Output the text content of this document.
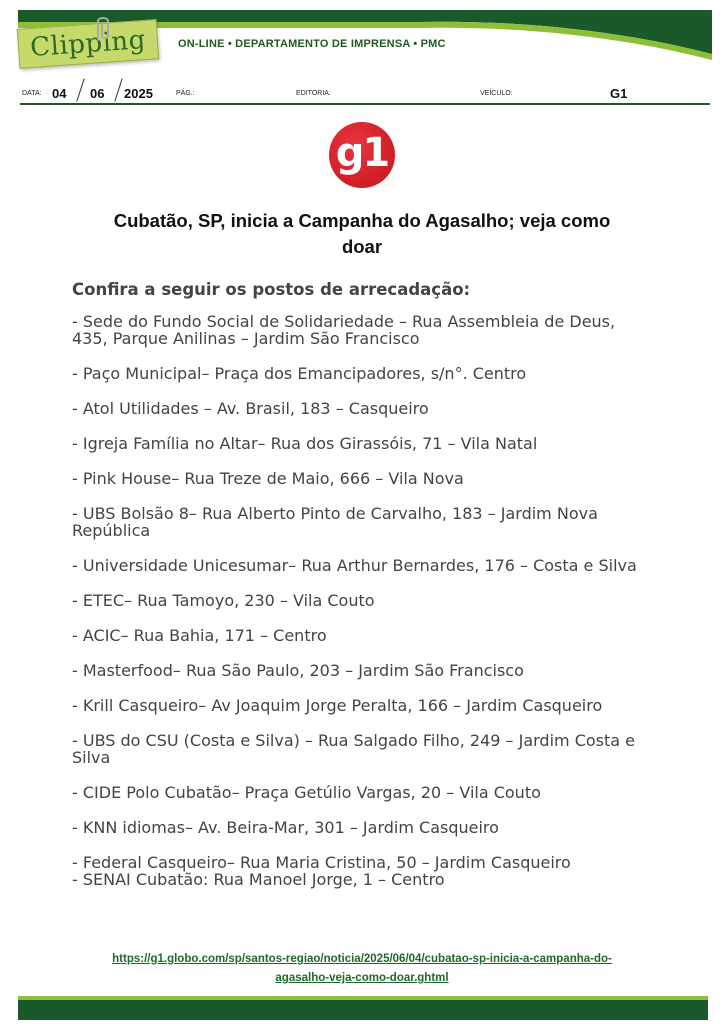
Clipping	ON-LINE • DEPARTAMENTO DE IMPRENSA • PMC
DATA: 04 06 2025	PÁG.:	EDITORIA:	VEÍCULO:	G1
g1
Cubatão, SP, inicia a Campanha do Agasalho; veja como
doar
Confira a seguir os postos de arrecadação:
- Sede do Fundo Social de Solidariedade – Rua Assembleia de Deus, 435, Parque Anilinas – Jardim São Francisco
- Paço Municipal– Praça dos Emancipadores, s/n°. Centro
- Atol Utilidades – Av. Brasil, 183 – Casqueiro
- Igreja Família no Altar– Rua dos Girassóis, 71 – Vila Natal
- Pink House– Rua Treze de Maio, 666 – Vila Nova
- UBS Bolsão 8– Rua Alberto Pinto de Carvalho, 183 – Jardim Nova República
- Universidade Unicesumar– Rua Arthur Bernardes, 176 – Costa e Silva
- ETEC– Rua Tamoyo, 230 – Vila Couto
- ACIC– Rua Bahia, 171 – Centro
- Masterfood– Rua São Paulo, 203 – Jardim São Francisco
- Krill Casqueiro– Av Joaquim Jorge Peralta, 166 – Jardim Casqueiro
- UBS do CSU (Costa e Silva) – Rua Salgado Filho, 249 – Jardim Costa e Silva
- CIDE Polo Cubatão– Praça Getúlio Vargas, 20 – Vila Couto
- KNN idiomas– Av. Beira-Mar, 301 – Jardim Casqueiro
- Federal Casqueiro– Rua Maria Cristina, 50 – Jardim Casqueiro
- SENAI Cubatão: Rua Manoel Jorge, 1 – Centro
https://g1.globo.com/sp/santos-regiao/noticia/2025/06/04/cubatao-sp-inicia-a-campanha-do-
agasalho-veja-como-doar.ghtml
